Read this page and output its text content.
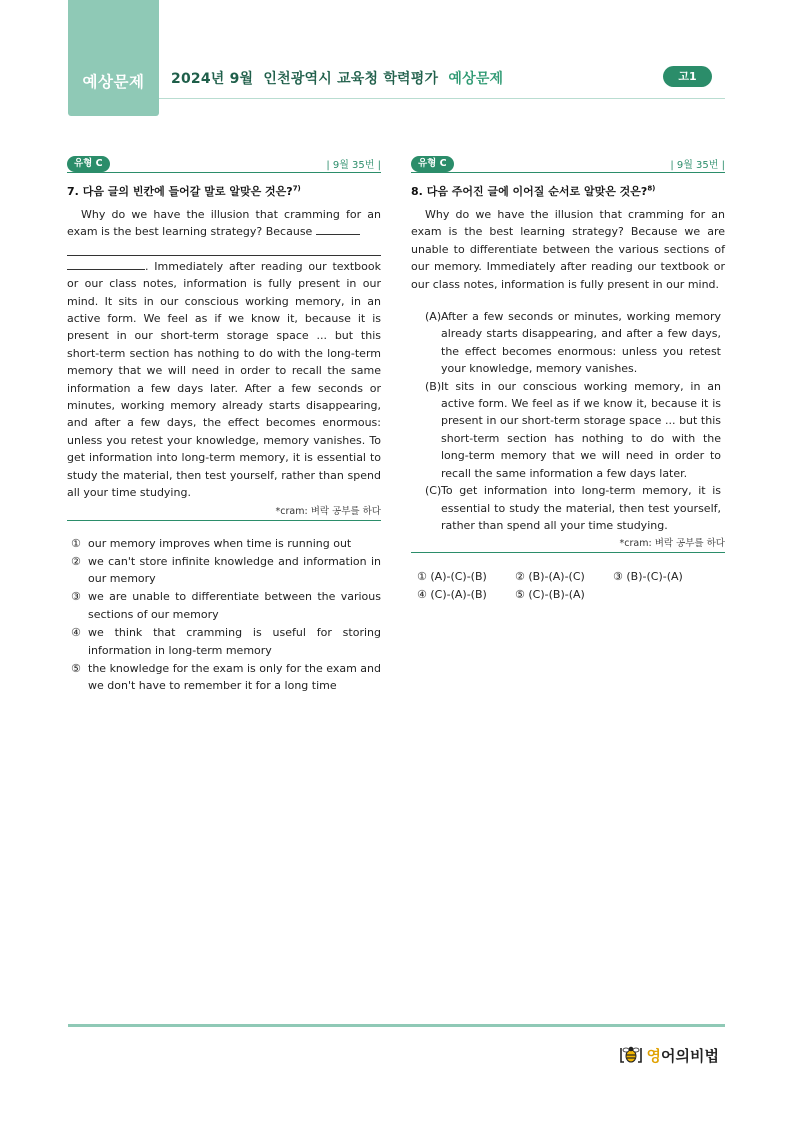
예상문제	2024년 9월 인천광역시 교육청 학력평가 예상문제	고1
유형 C	| 9월 35번 |
7. 다음 글의 빈칸에 들어갈 말로 알맞은 것은?$^{7)}$

Why do we have the illusion that cramming for an exam is the best learning strategy? Because
. Immediately after reading our textbook or our class notes, information is fully present in our mind. It sits in our conscious working memory, in an active form. We feel as if we know it, because it is present in our short-term storage space ... but this short-term section has nothing to do with the long-term memory that we will need in order to recall the same information a few days later. After a few seconds or minutes, working memory already starts disappearing, and after a few days, the effect becomes enormous: unless you retest your knowledge, memory vanishes. To get information into long-term memory, it is essential to study the material, then test yourself, rather than spend all your time studying.

*cram: 벼락 공부를 하다
① our memory improves when time is running out
② we can't store infinite knowledge and information in our memory
③ we are unable to differentiate between the various sections of our memory
④ we think that cramming is useful for storing information in long-term memory
⑤ the knowledge for the exam is only for the exam and we don't have to remember it for a long time
유형 C	| 9월 35번 |
8. 다음 주어진 글에 이어질 순서로 알맞은 것은?$^{8)}$

Why do we have the illusion that cramming for an exam is the best learning strategy? Because we are unable to differentiate between the various sections of our memory. Immediately after reading our textbook or our class notes, information is fully present in our mind.

(A) After a few seconds or minutes, working memory already starts disappearing, and after a few days, the effect becomes enormous: unless you retest your knowledge, memory vanishes.
(B) It sits in our conscious working memory, in an active form. We feel as if we know it, because it is present in our short-term storage space ... but this short-term section has nothing to do with the long-term memory that we will need in order to recall the same information a few days later.
(C) To get information into long-term memory, it is essential to study the material, then test yourself, rather than spend all your time studying.
*cram: 벼락 공부를 하다
① (A)-(C)-(B)	② (B)-(A)-(C)	③ (B)-(C)-(A)
④ (C)-(A)-(B)	⑤ (C)-(B)-(A)
영어의비법
